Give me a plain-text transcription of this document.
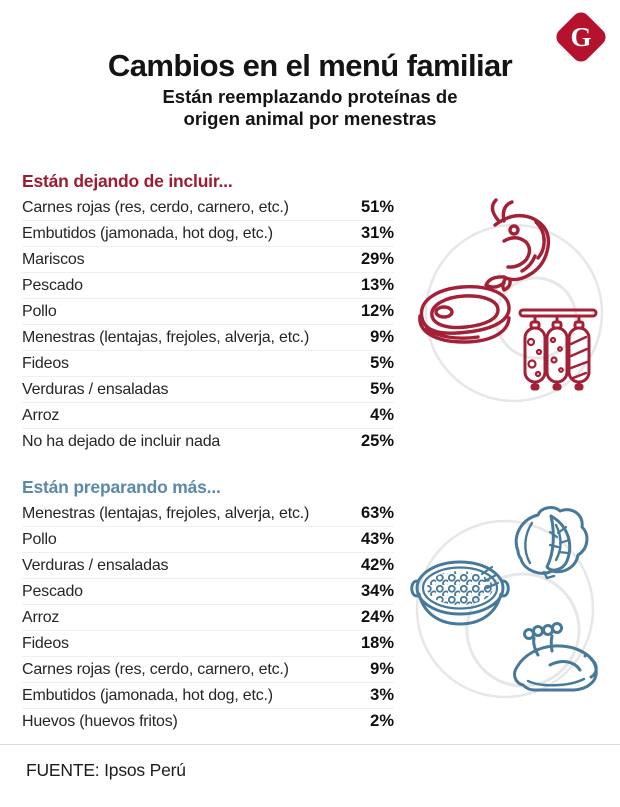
Cambios en el menú familiar
G
Están reemplazando proteínas de
origen animal por menestras
Están dejando de incluir...
Carnes rojas (res, cerdo, carnero, etc.)	51%
Embutidos (jamonada, hot dog, etc.)	31%
Mariscos	29%
Pescado	13%
Pollo	12%
Menestras (lentajas, frejoles, alverja, etc.)	9%
Fideos	5%
Verduras / ensaladas	5%
Arroz	4%
No ha dejado de incluir nada	25%
Están preparando más...
Menestras (lentajas, frejoles, alverja, etc.)	63%
Pollo	43%
Verduras / ensaladas	42%
Pescado	34%
Arroz	24%
Fideos	18%
Carnes rojas (res, cerdo, carnero, etc.)	9%
Embutidos (jamonada, hot dog, etc.)	3%
Huevos (huevos fritos)	2%
FUENTE: Ipsos Perú
